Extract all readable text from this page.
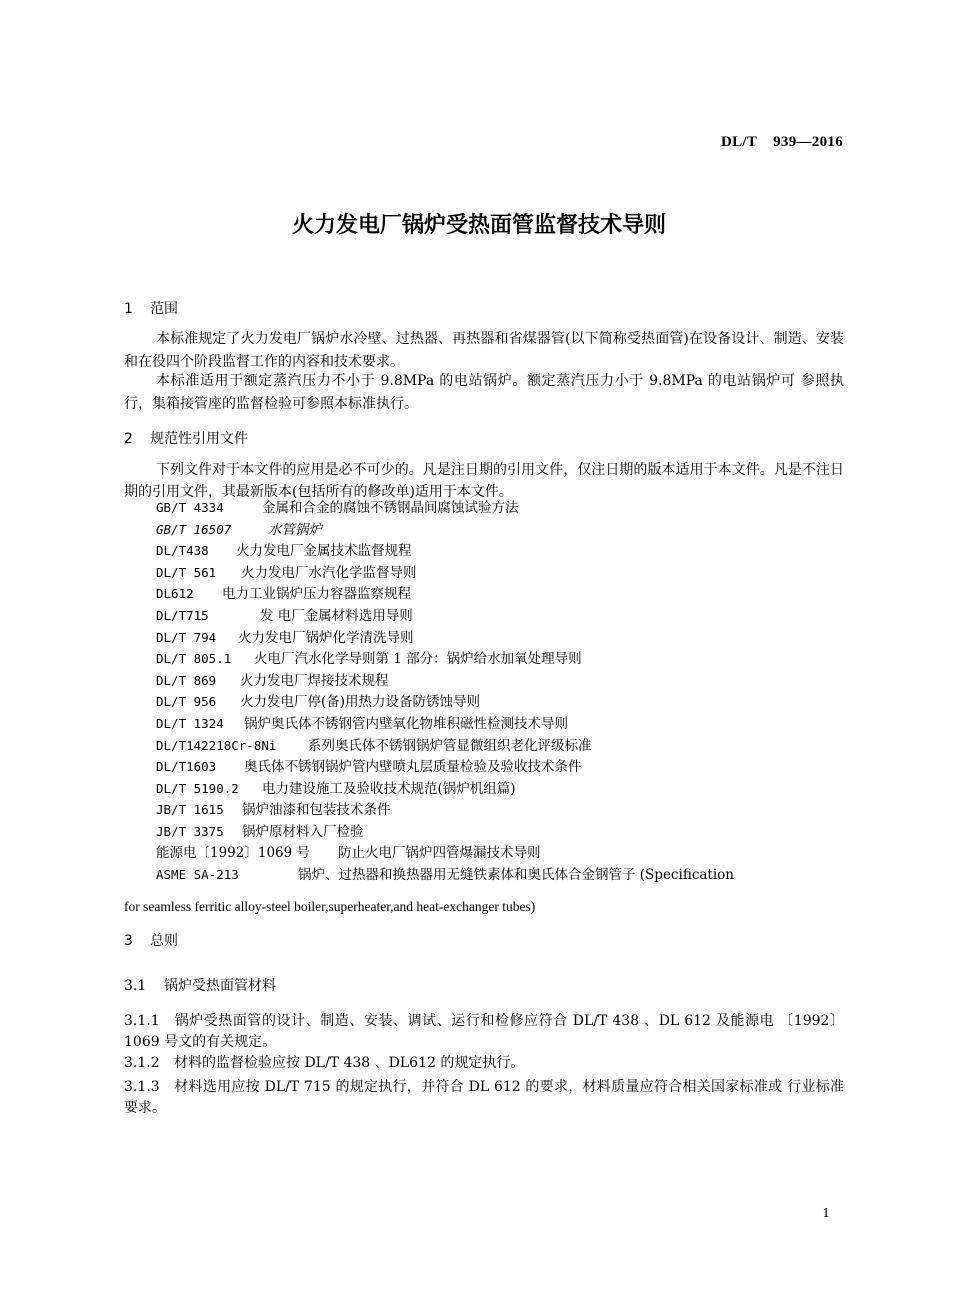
DL/T    939—2016
火力发电厂锅炉受热面管监督技术导则
1 范围
本标准规定了火力发电厂锅炉水冷壁、过热器、再热器和省煤器管(以下简称受热面管)在设备设计、制造、安装和在役四个阶段监督工作的内容和技术要求。
本标准适用于额定蒸汽压力不小于 9.8MPa 的电站锅炉。额定蒸汽压力小于 9.8MPa 的电站锅炉可 参照执行，集箱接管座的监督检验可参照本标准执行。
2 规范性引用文件
下列文件对于本文件的应用是必不可少的。凡是注日期的引用文件，仅注日期的版本适用于本文件。凡是不注日期的引用文件，其最新版本(包括所有的修改单)适用于本文件。
GB/T 4334	金属和合金的腐蚀不锈钢晶间腐蚀试验方法
GB/T 16507	水管锅炉
DL/T438 火力发电厂金属技术监督规程
DL/T 561 火力发电厂水汽化学监督导则
DL612 电力工业锅炉压力容器监察规程
DL/T715	发 电厂金属材料选用导则
DL/T 794 火力发电厂锅炉化学清洗导则
DL/T 805.1 火电厂汽水化学导则第 1 部分：锅炉给水加氧处理导则
DL/T 869 火力发电厂焊接技术规程
DL/T 956 火力发电厂停(备)用热力设备防锈蚀导则
DL/T 1324 锅炉奥氏体不锈钢管内壁氧化物堆积磁性检测技术导则
DL/T142218Cr-8Ni 系列奥氏体不锈钢锅炉管显微组织老化评级标准
DL/T1603 奥氏体不锈钢锅炉管内壁喷丸层质量检验及验收技术条件
DL/T 5190.2 电力建设施工及验收技术规范(锅炉机组篇)
JB/T 1615 锅炉油漆和包装技术条件
JB/T 3375 锅炉原材料入厂检验
能源电〔1992〕1069 号 防止火电厂锅炉四管爆漏技术导则
ASME SA-213	锅炉、过热器和换热器用无缝铁素体和奥氏体合金钢管子 (Specification
for seamless ferritic alloy-steel boiler,superheater,and heat-exchanger tubes)
3 总则
3.1 锅炉受热面管材料
3.1.1 锅炉受热面管的设计、制造、安装、调试、运行和检修应符合 DL/T 438 、DL 612 及能源电 〔1992〕1069 号文的有关规定。
3.1.2 材料的监督检验应按 DL/T 438 、DL612 的规定执行。
3.1.3 材料选用应按 DL/T 715 的规定执行，并符合 DL 612 的要求，材料质量应符合相关国家标准或 行业标准要求。
1
